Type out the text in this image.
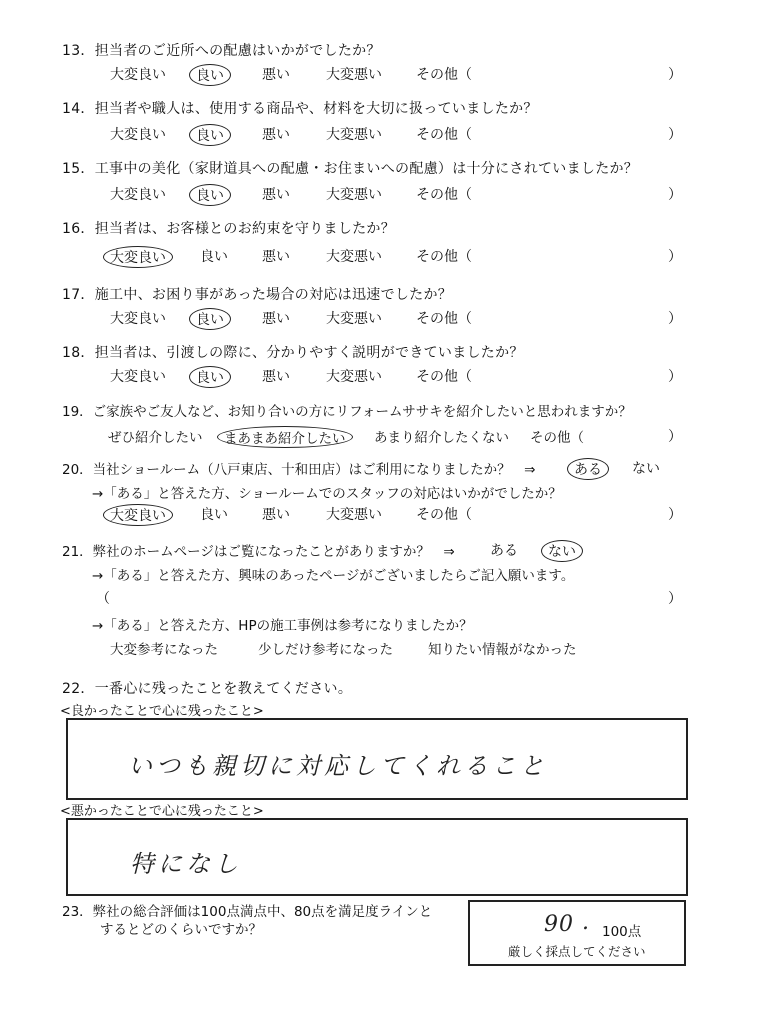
13．担当者のご近所への配慮はいかがでしたか？
大変良い	良い	悪い	大変悪い その他（	）
14．担当者や職人は、使用する商品や、材料を大切に扱っていましたか？
大変良い	良い	悪い	大変悪い その他（	）
15．工事中の美化（家財道具への配慮・お住まいへの配慮）は十分にされていましたか？
大変良い	良い	悪い	大変悪い その他（	）
16．担当者は、お客様とのお約束を守りましたか？
大変良い	良い 悪い	大変悪い その他（	）
17．施工中、お困り事があった場合の対応は迅速でしたか？
大変良い	良い	悪い	大変悪い その他（	）
18．担当者は、引渡しの際に、分かりやすく説明ができていましたか？
大変良い	良い	悪い	大変悪い その他（	）
19．ご家族やご友人など、お知り合いの方にリフォームササキを紹介したいと思われますか？
ぜひ紹介したい	まあまあ紹介したい	あまり紹介したくない その他（	）
20．当社ショールーム（八戸東店、十和田店）はご利用になりましたか？　⇒	ある	ない
→「ある」と答えた方、ショールームでのスタッフの対応はいかがでしたか？
大変良い	良い 悪い	大変悪い その他（	）
21．弊社のホームページはご覧になったことがありますか？　⇒	ある	ない
→「ある」と答えた方、興味のあったページがございましたらご記入願います。
（	）
→「ある」と答えた方、HPの施工事例は参考になりましたか？
大変参考になった	少しだけ参考になった	知りたい情報がなかった
22．一番心に残ったことを教えてください。
<良かったことで心に残ったこと>
いつも親切に対応してくれること
<悪かったことで心に残ったこと>
特になし
23．弊社の総合評価は100点満点中、80点を満足度ラインと
するとどのくらいですか？	90 . 100点
厳しく採点してください
